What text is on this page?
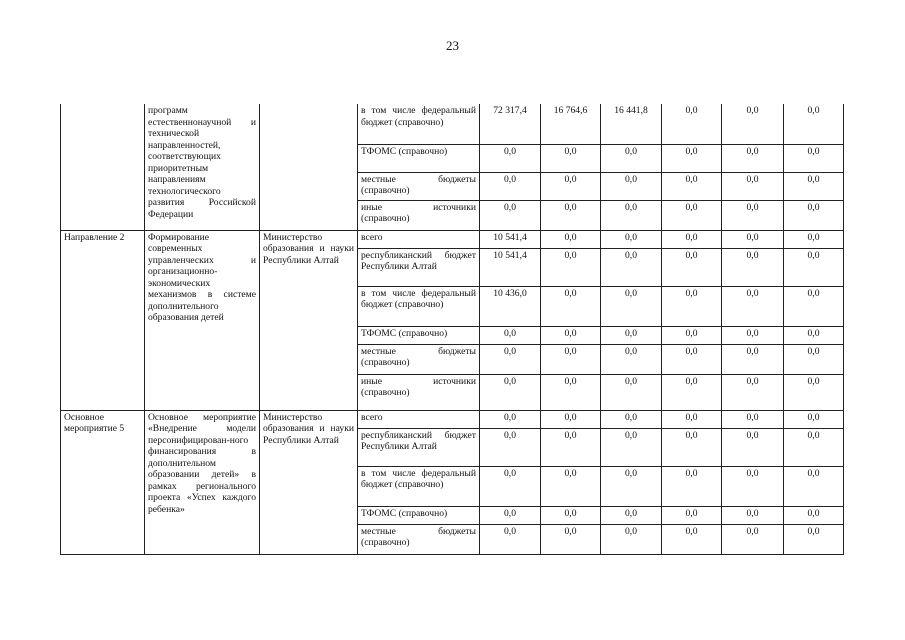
23

	программ естественнонаучной и технической направленностей, соответствующих приоритетным направлениям технологического развития Российской Федерации		в том числе федеральный бюджет (справочно)	72 317,4	16 764,6	16 441,8	0,0	0,0	0,0

			ТФОМС (справочно)	0,0	0,0	0,0	0,0	0,0	0,0

			местные бюджеты (справочно)	0,0	0,0	0,0	0,0	0,0	0,0

			иные источники (справочно)	0,0	0,0	0,0	0,0	0,0	0,0
Направление 2	Формирование современных управленческих и организационно-экономических механизмов в системе дополнительного образования детей	Министерство образования и науки Республики Алтай	всего	10 541,4	0,0	0,0	0,0	0,0	0,0

			республиканский бюджет Республики Алтай	10 541,4	0,0	0,0	0,0	0,0	0,0

			в том числе федеральный бюджет (справочно)	10 436,0	0,0	0,0	0,0	0,0	0,0

			ТФОМС (справочно)	0,0	0,0	0,0	0,0	0,0	0,0

			местные бюджеты (справочно)	0,0	0,0	0,0	0,0	0,0	0,0

			иные источники (справочно)	0,0	0,0	0,0	0,0	0,0	0,0
Основное мероприятие 5	Основное мероприятие «Внедрение модели персонифицирован-ного финансирования в дополнительном образовании детей» в рамках регионального проекта «Успех каждого ребенка»	Министерство образования и науки Республики Алтай	всего	0,0	0,0	0,0	0,0	0,0	0,0

			республиканский бюджет Республики Алтай	0,0	0,0	0,0	0,0	0,0	0,0

			в том числе федеральный бюджет (справочно)	0,0	0,0	0,0	0,0	0,0	0,0

			ТФОМС (справочно)	0,0	0,0	0,0	0,0	0,0	0,0

			местные бюджеты (справочно)	0,0	0,0	0,0	0,0	0,0	0,0
